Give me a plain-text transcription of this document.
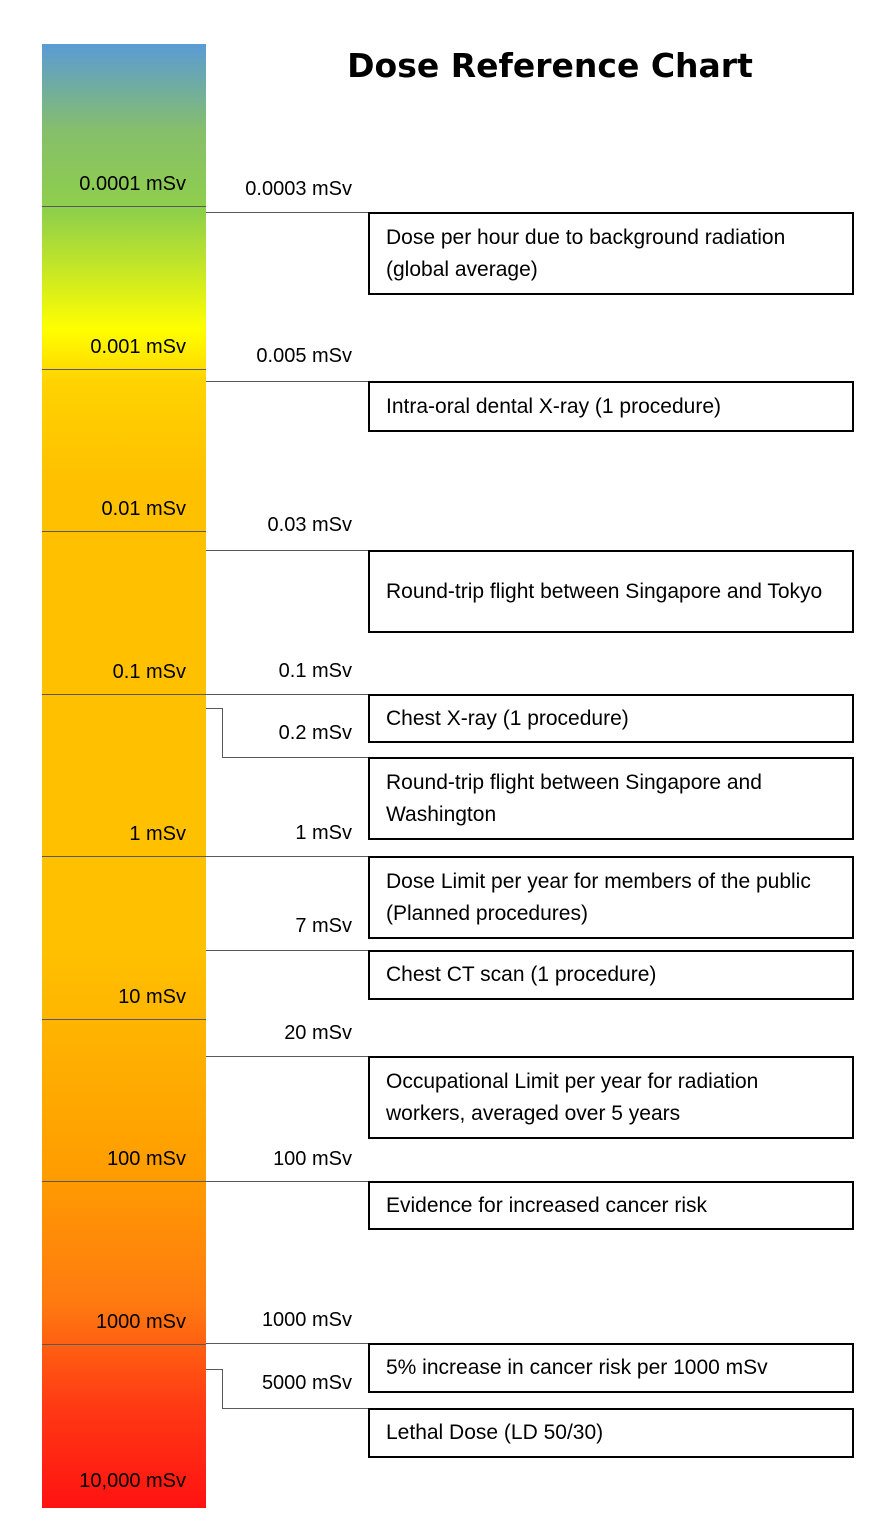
Dose Reference Chart
0.0001 mSv
0.001 mSv
0.01 mSv
0.1 mSv
1 mSv
10 mSv
100 mSv
1000 mSv
10,000 mSv
0.0003 mSv
Dose per hour due to background radiation (global average)
0.005 mSv
Intra-oral dental X-ray (1 procedure)
0.03 mSv
Round-trip flight between Singapore and Tokyo
0.1 mSv
Chest X-ray (1 procedure)
0.2 mSv
Round-trip flight between Singapore and Washington
1 mSv
Dose Limit per year for members of the public (Planned procedures)
7 mSv
Chest CT scan (1 procedure)
20 mSv
Occupational Limit per year for radiation workers, averaged over 5 years
100 mSv
Evidence for increased cancer risk
1000 mSv
5% increase in cancer risk per 1000 mSv
5000 mSv
Lethal Dose (LD 50/30)
